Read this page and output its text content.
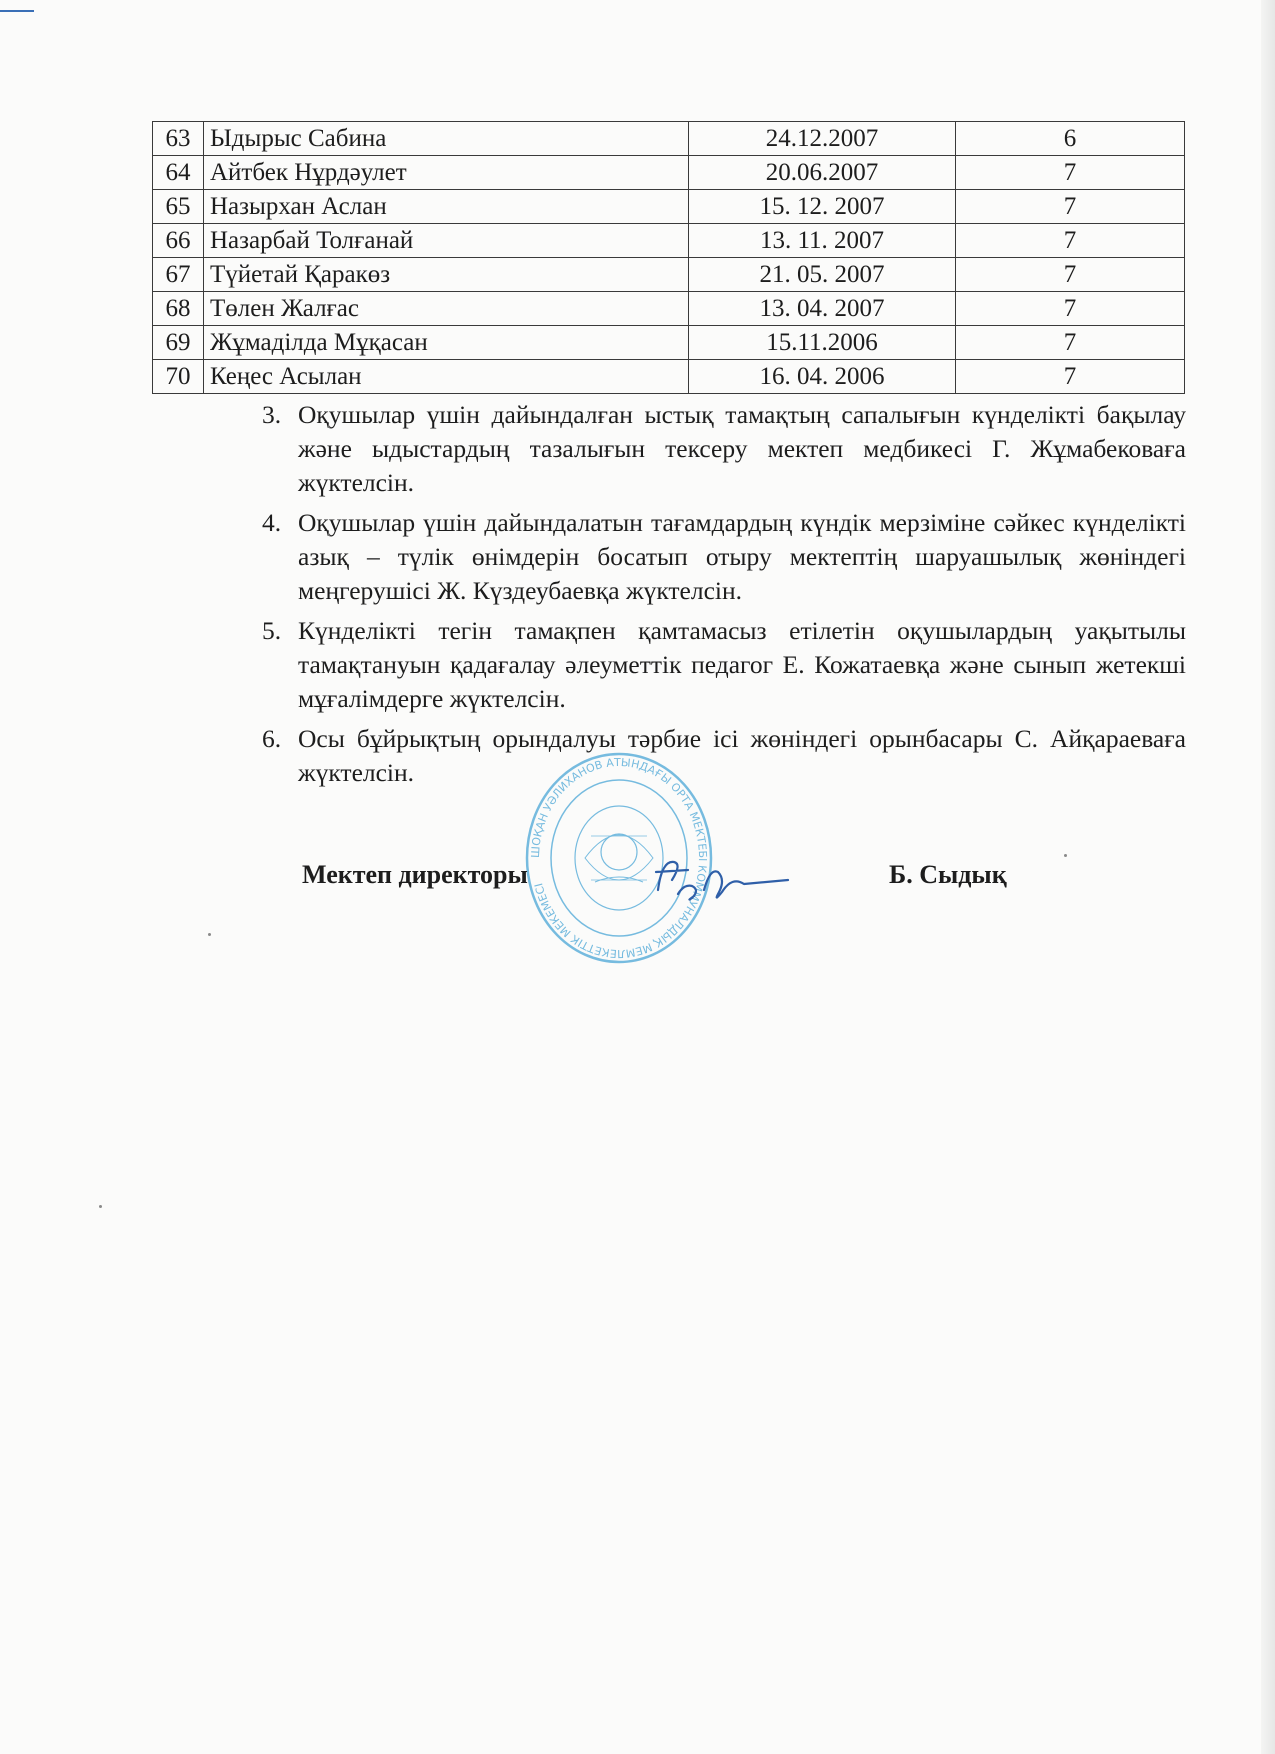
63	Ыдырыс Сабина	24.12.2007	6
64	Айтбек Нұрдәулет	20.06.2007	7
65	Назырхан Аслан	15. 12. 2007	7
66	Назарбай Толғанай	13. 11. 2007	7
67	Түйетай Қаракөз	21. 05. 2007	7
68	Төлен Жалғас	13. 04. 2007	7
69	Жұмаділда Мұқасан	15.11.2006	7
70	Кеңес Асылан	16. 04. 2006	7
3. Оқушылар үшін дайындалған ыстық тамақтың сапалығын күнделікті бақылау және ыдыстардың тазалығын тексеру мектеп медбикесі Г. Жұмабековаға жүктелсін.
4. Оқушылар үшін дайындалатын тағамдардың күндік мерзіміне сәйкес күнделікті азық – түлік өнімдерін босатып отыру мектептің шаруашылық жөніндегі меңгерушісі Ж. Күздеубаевқа жүктелсін.
5. Күнделікті тегін тамақпен қамтамасыз етілетін оқушылардың уақытылы тамақтануын қадағалау әлеуметтік педагог Е. Кожатаевқа және сынып жетекші мұғалімдерге жүктелсін.
6. Осы бұйрықтың орындалуы тәрбие ісі жөніндегі орынбасары С. Айқараеваға жүктелсін.
ШОҚАН УӘЛИХАНОВ АТЫНДАҒЫ ОРТА МЕКТЕБІ КОММУНАЛДЫҚ МЕМЛЕКЕТТІК МЕКЕМЕСІ
Мектеп директоры	Б. Сыдық
